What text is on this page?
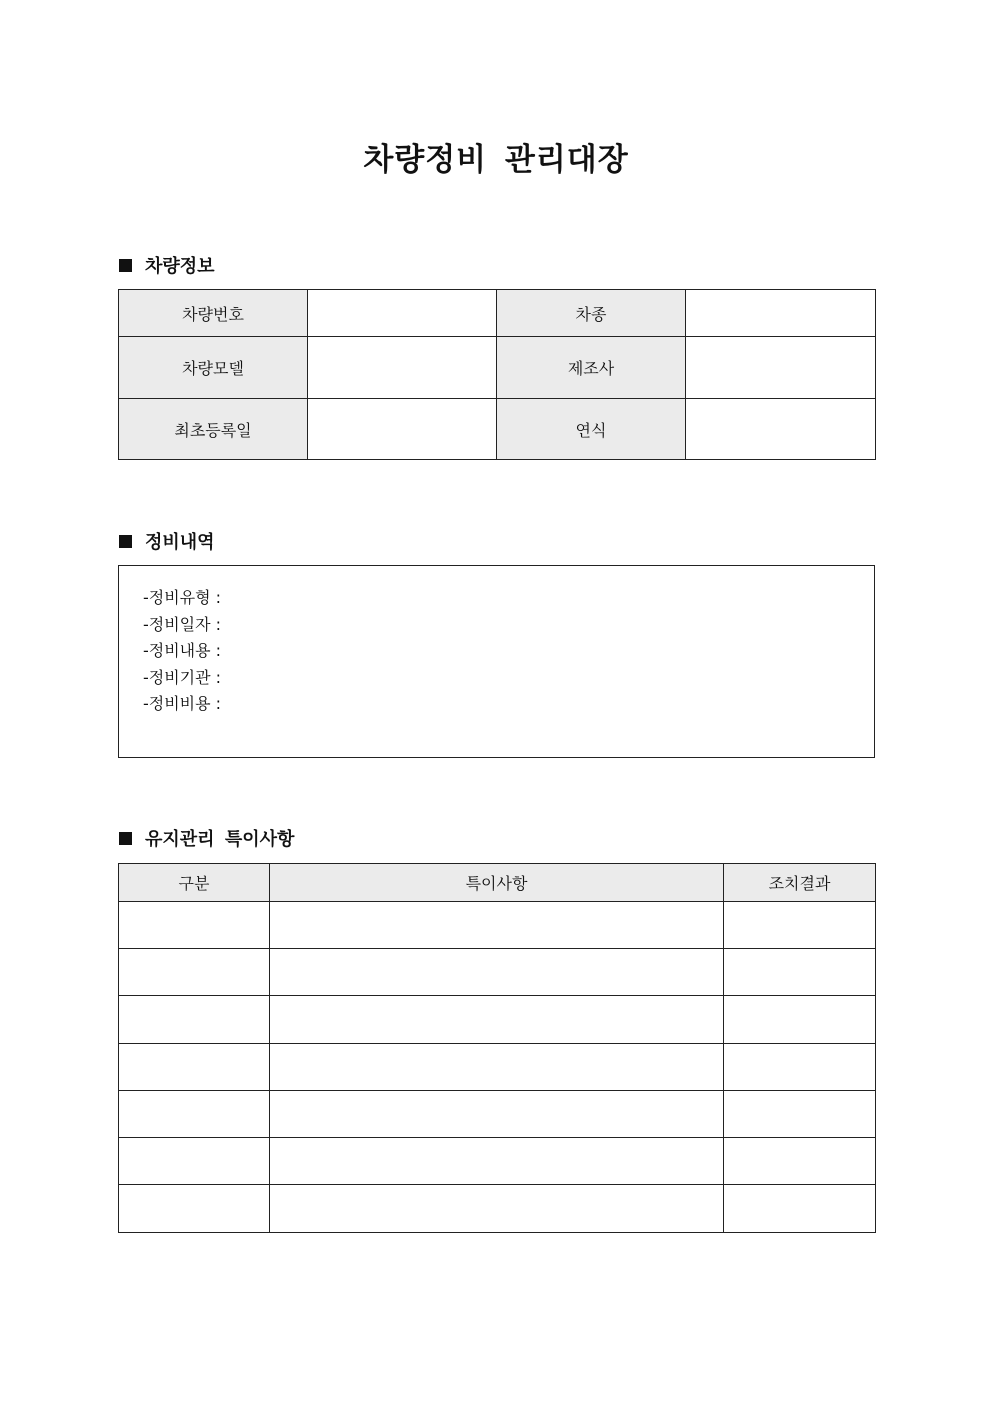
차량정비 관리대장
차량정보
차량번호		차종	
차량모델		제조사	
최초등록일		연식	
정비내역
-정비유형 :
-정비일자 :
-정비내용 :
-정비기관 :
-정비비용 :
유지관리 특이사항
구분	특이사항	조치결과
